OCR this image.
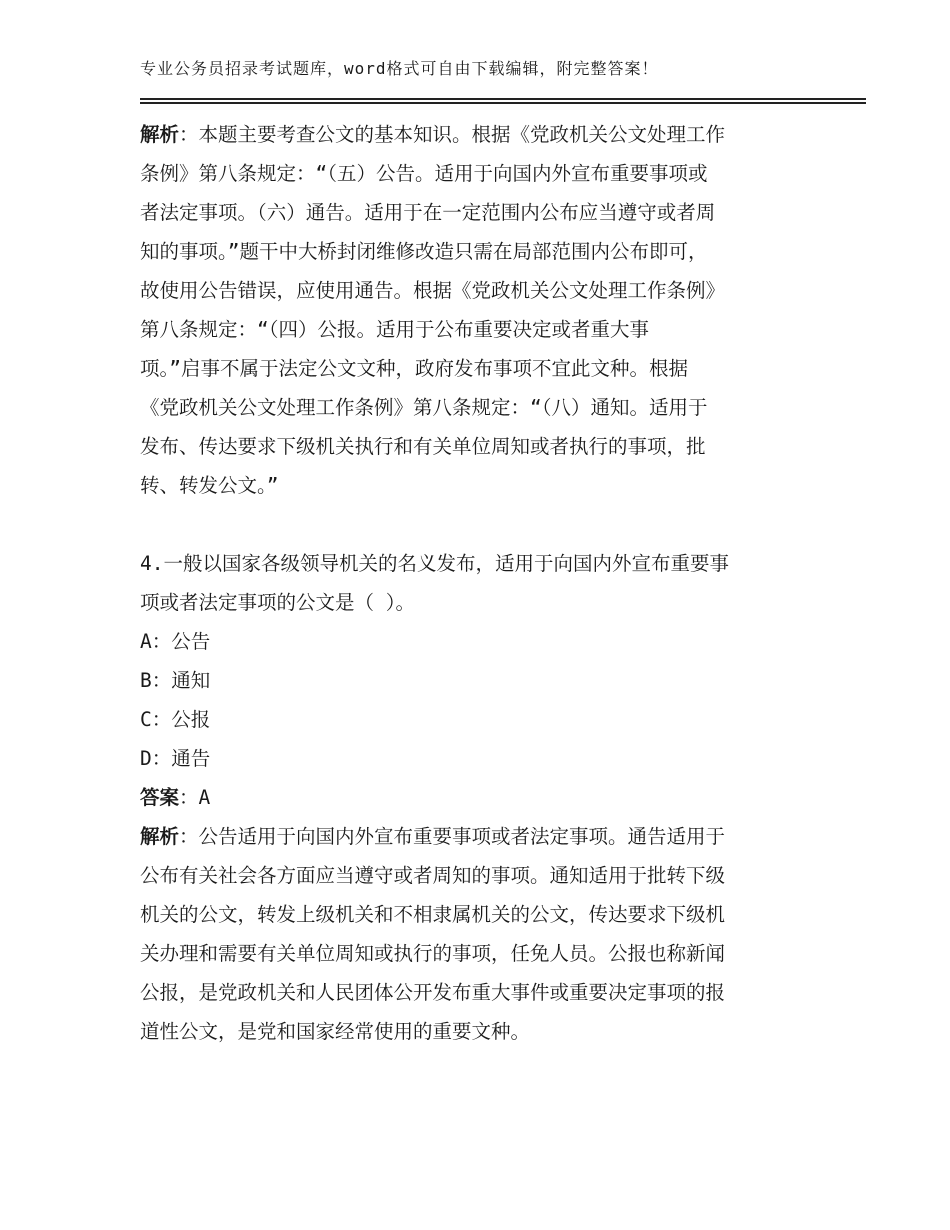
专业公务员招录考试题库，word格式可自由下载编辑，附完整答案！
解析：本题主要考查公文的基本知识。根据《党政机关公文处理工作
条例》第八条规定：“（五）公告。适用于向国内外宣布重要事项或
者法定事项。（六）通告。适用于在一定范围内公布应当遵守或者周
知的事项。”题干中大桥封闭维修改造只需在局部范围内公布即可，
故使用公告错误，应使用通告。根据《党政机关公文处理工作条例》
第八条规定：“（四）公报。适用于公布重要决定或者重大事
项。”启事不属于法定公文文种，政府发布事项不宜此文种。根据
《党政机关公文处理工作条例》第八条规定：“（八）通知。适用于
发布、传达要求下级机关执行和有关单位周知或者执行的事项，批
转、转发公文。”
4.一般以国家各级领导机关的名义发布，适用于向国内外宣布重要事
项或者法定事项的公文是（ ）。
A：公告
B：通知
C：公报
D：通告
答案：A
解析：公告适用于向国内外宣布重要事项或者法定事项。通告适用于
公布有关社会各方面应当遵守或者周知的事项。通知适用于批转下级
机关的公文，转发上级机关和不相隶属机关的公文，传达要求下级机
关办理和需要有关单位周知或执行的事项，任免人员。公报也称新闻
公报，是党政机关和人民团体公开发布重大事件或重要决定事项的报
道性公文，是党和国家经常使用的重要文种。
